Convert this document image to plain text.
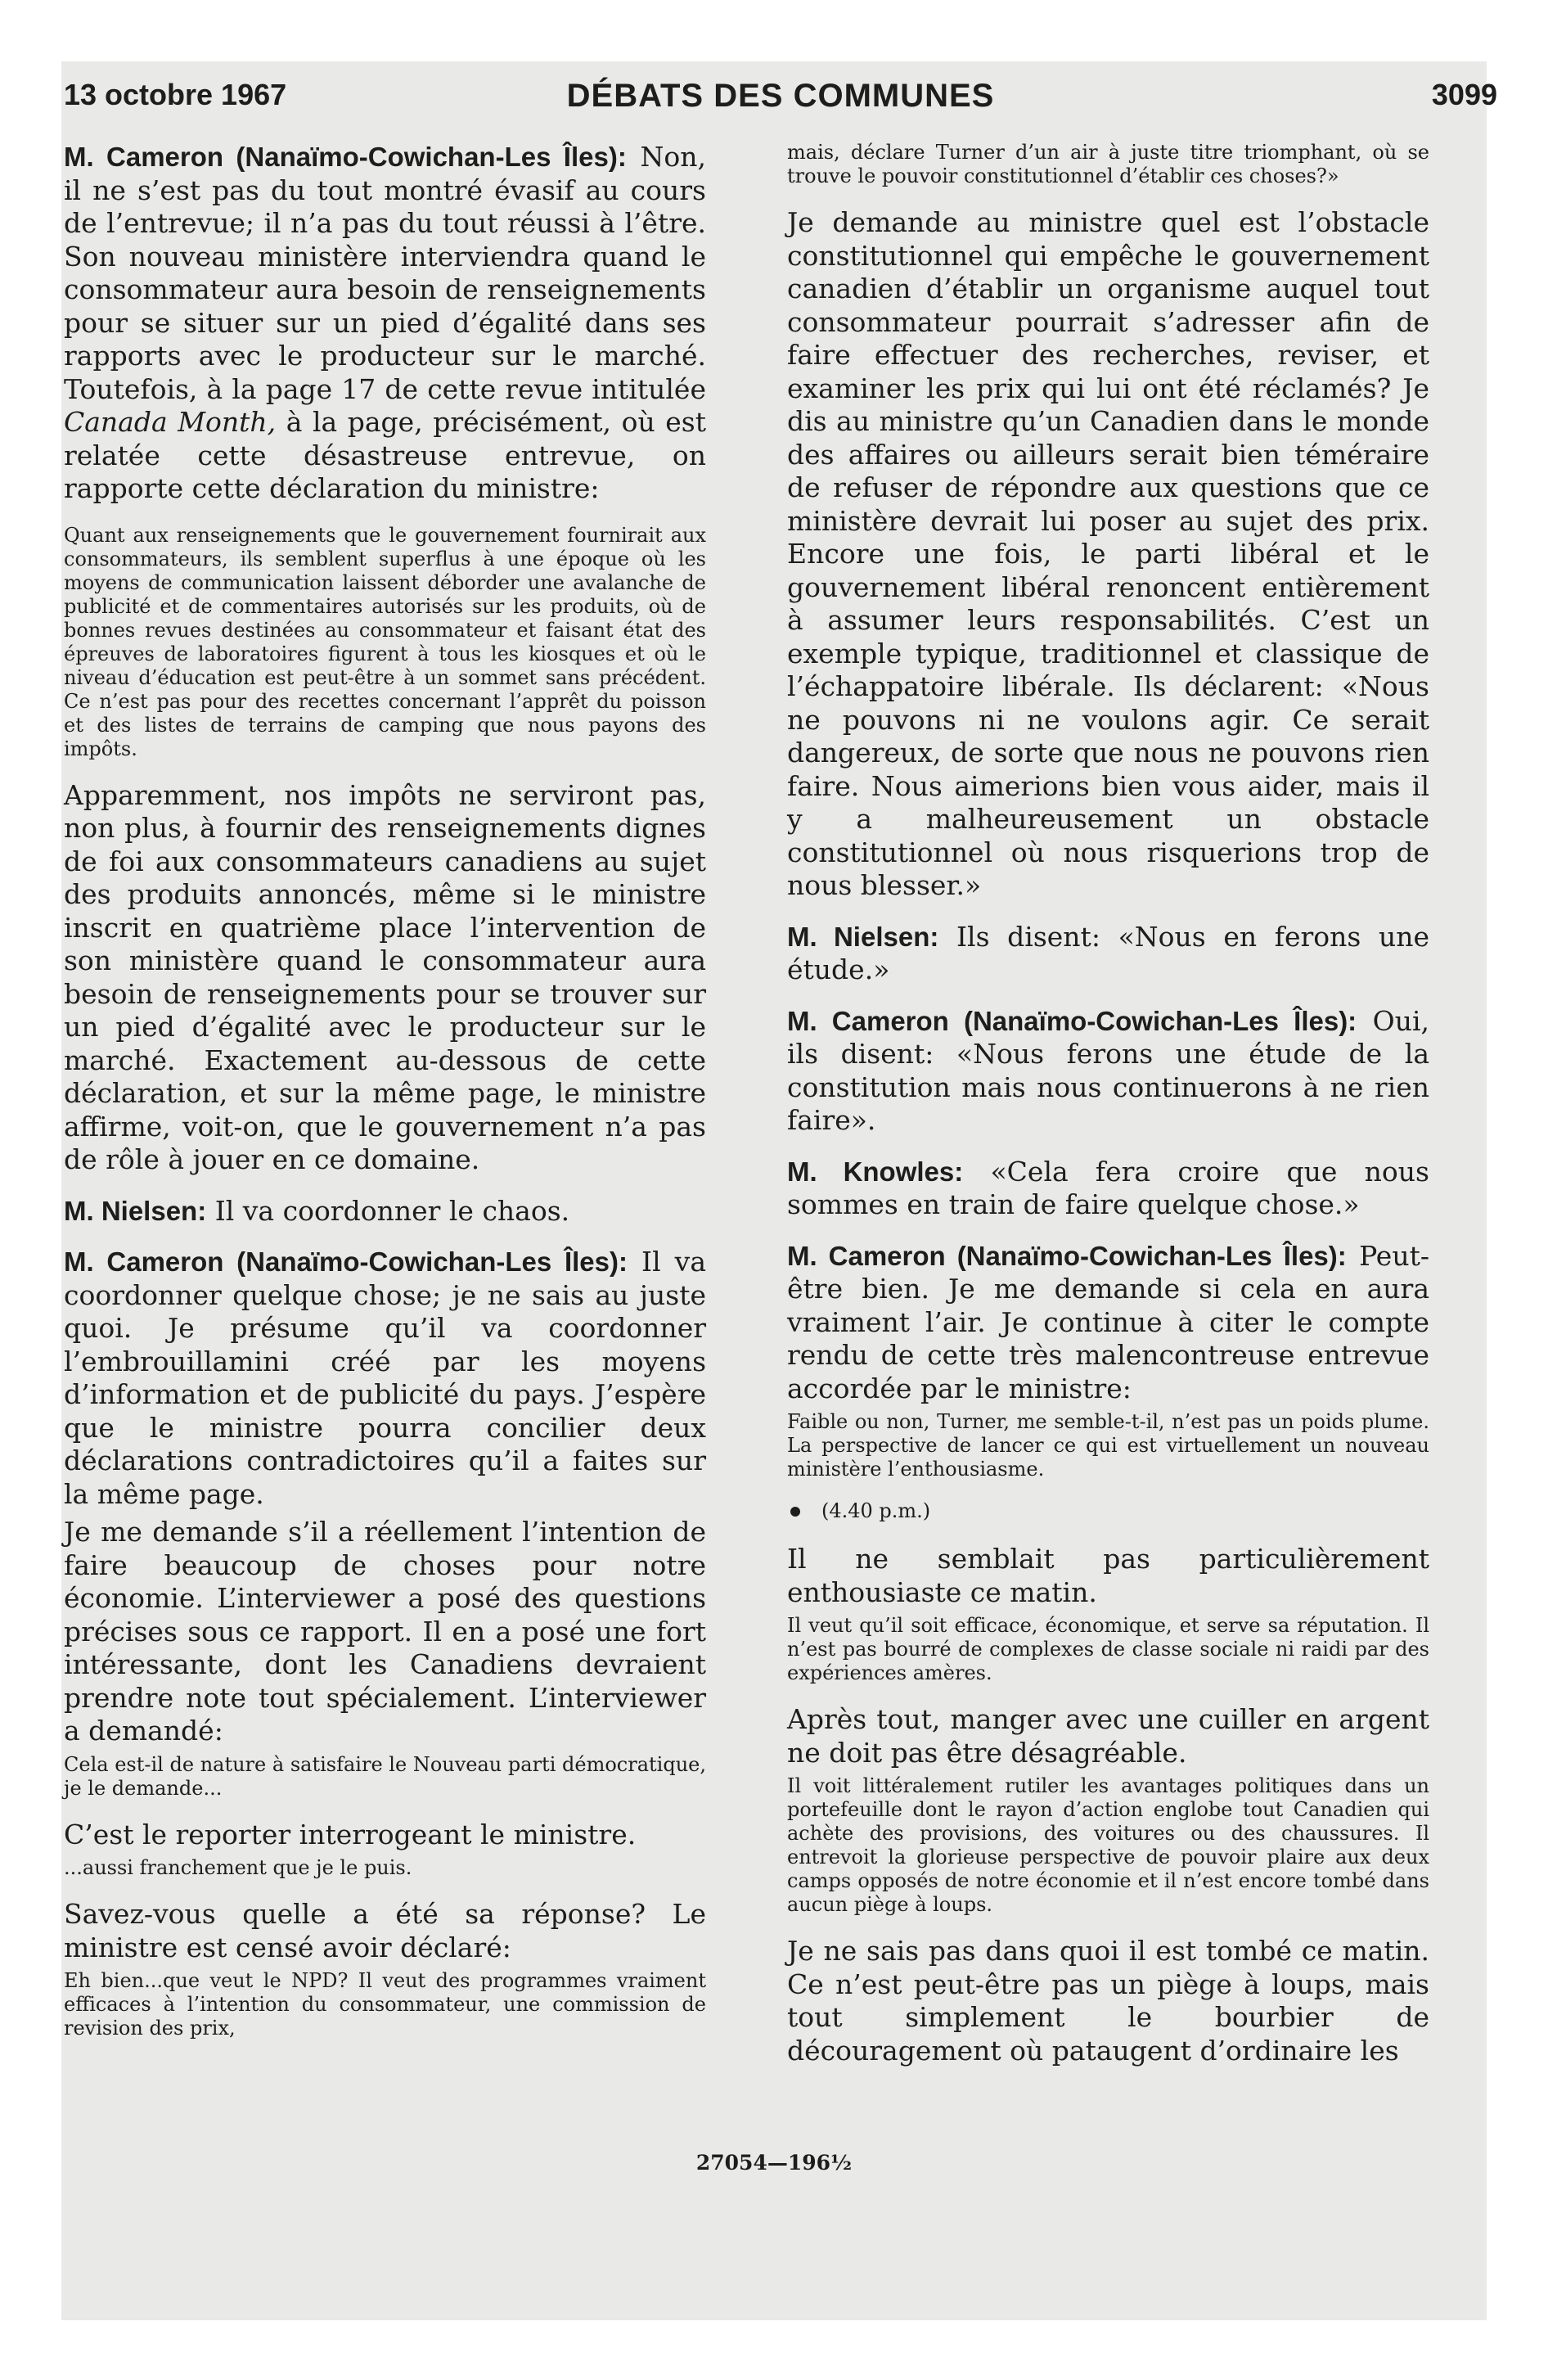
13 octobre 1967	DÉBATS DES COMMUNES	3099

M. Cameron (Nanaïmo-Cowichan-Les Îles): Non, il ne s’est pas du tout montré évasif au cours de l’entrevue; il n’a pas du tout réussi à l’être. Son nouveau ministère interviendra quand le consommateur aura besoin de renseignements pour se situer sur un pied d’égalité dans ses rapports avec le producteur sur le marché. Toutefois, à la page 17 de cette revue intitulée Canada Month, à la page, précisément, où est relatée cette désastreuse entrevue, on rapporte cette déclaration du ministre:

Quant aux renseignements que le gouvernement fournirait aux consommateurs, ils semblent superflus à une époque où les moyens de communication laissent déborder une avalanche de publicité et de commentaires autorisés sur les produits, où de bonnes revues destinées au consommateur et faisant état des épreuves de laboratoires figurent à tous les kiosques et où le niveau d’éducation est peut-être à un sommet sans précédent. Ce n’est pas pour des recettes concernant l’apprêt du poisson et des listes de terrains de camping que nous payons des impôts.

Apparemment, nos impôts ne serviront pas, non plus, à fournir des renseignements dignes de foi aux consommateurs canadiens au sujet des produits annoncés, même si le ministre inscrit en quatrième place l’intervention de son ministère quand le consommateur aura besoin de renseignements pour se trouver sur un pied d’égalité avec le producteur sur le marché. Exactement au-dessous de cette déclaration, et sur la même page, le ministre affirme, voit-on, que le gouvernement n’a pas de rôle à jouer en ce domaine.

M. Nielsen: Il va coordonner le chaos.

M. Cameron (Nanaïmo-Cowichan-Les Îles): Il va coordonner quelque chose; je ne sais au juste quoi. Je présume qu’il va coordonner l’embrouillamini créé par les moyens d’information et de publicité du pays. J’espère que le ministre pourra concilier deux déclarations contradictoires qu’il a faites sur la même page.

Je me demande s’il a réellement l’intention de faire beaucoup de choses pour notre économie. L’interviewer a posé des questions précises sous ce rapport. Il en a posé une fort intéressante, dont les Canadiens devraient prendre note tout spécialement. L’interviewer a demandé:

Cela est-il de nature à satisfaire le Nouveau parti démocratique, je le demande...

C’est le reporter interrogeant le ministre.

...aussi franchement que je le puis.

Savez-vous quelle a été sa réponse? Le ministre est censé avoir déclaré:

Eh bien...que veut le NPD? Il veut des programmes vraiment efficaces à l’intention du consommateur, une commission de revision des prix,

mais, déclare Turner d’un air à juste titre triomphant, où se trouve le pouvoir constitutionnel d’établir ces choses?»

Je demande au ministre quel est l’obstacle constitutionnel qui empêche le gouvernement canadien d’établir un organisme auquel tout consommateur pourrait s’adresser afin de faire effectuer des recherches, reviser, et examiner les prix qui lui ont été réclamés? Je dis au ministre qu’un Canadien dans le monde des affaires ou ailleurs serait bien téméraire de refuser de répondre aux questions que ce ministère devrait lui poser au sujet des prix. Encore une fois, le parti libéral et le gouvernement libéral renoncent entièrement à assumer leurs responsabilités. C’est un exemple typique, traditionnel et classique de l’échappatoire libérale. Ils déclarent: «Nous ne pouvons ni ne voulons agir. Ce serait dangereux, de sorte que nous ne pouvons rien faire. Nous aimerions bien vous aider, mais il y a malheureusement un obstacle constitutionnel où nous risquerions trop de nous blesser.»

M. Nielsen: Ils disent: «Nous en ferons une étude.»

M. Cameron (Nanaïmo-Cowichan-Les Îles): Oui, ils disent: «Nous ferons une étude de la constitution mais nous continuerons à ne rien faire».

M. Knowles: «Cela fera croire que nous sommes en train de faire quelque chose.»

M. Cameron (Nanaïmo-Cowichan-Les Îles): Peut-être bien. Je me demande si cela en aura vraiment l’air. Je continue à citer le compte rendu de cette très malencontreuse entrevue accordée par le ministre:

Faible ou non, Turner, me semble-t-il, n’est pas un poids plume. La perspective de lancer ce qui est virtuellement un nouveau ministère l’enthousiasme.

(4.40 p.m.)

Il ne semblait pas particulièrement enthousiaste ce matin.

Il veut qu’il soit efficace, économique, et serve sa réputation. Il n’est pas bourré de complexes de classe sociale ni raidi par des expériences amères.

Après tout, manger avec une cuiller en argent ne doit pas être désagréable.

Il voit littéralement rutiler les avantages politiques dans un portefeuille dont le rayon d’action englobe tout Canadien qui achète des provisions, des voitures ou des chaussures. Il entrevoit la glorieuse perspective de pouvoir plaire aux deux camps opposés de notre économie et il n’est encore tombé dans aucun piège à loups.

Je ne sais pas dans quoi il est tombé ce matin. Ce n’est peut-être pas un piège à loups, mais tout simplement le bourbier de découragement où pataugent d’ordinaire les

27054—196½
